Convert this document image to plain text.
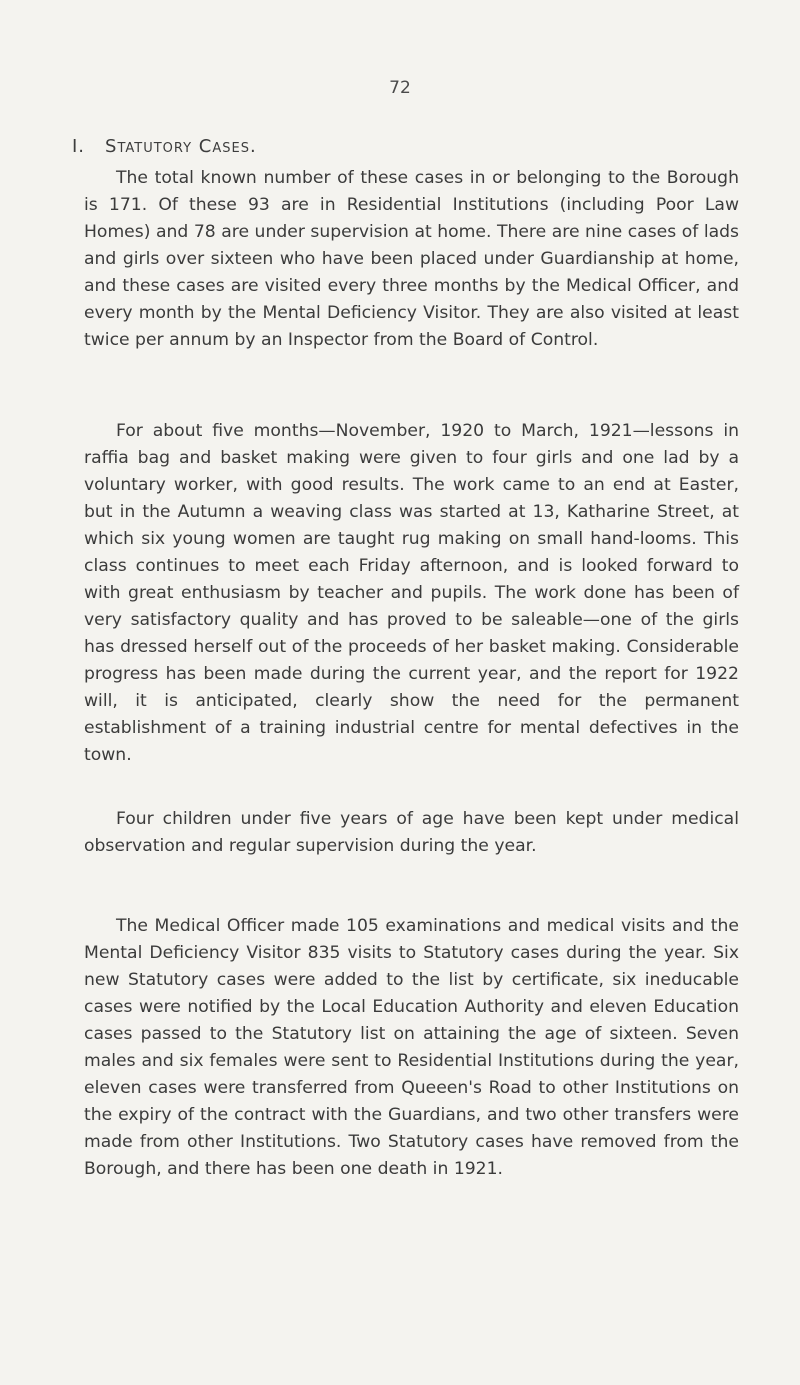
72
I. Statutory Cases.

The total known number of these cases in or belonging to the Borough is 171. Of these 93 are in Residential Institutions (including Poor Law Homes) and 78 are under supervision at home. There are nine cases of lads and girls over sixteen who have been placed under Guardianship at home, and these cases are visited every three months by the Medical Officer, and every month by the Mental Deficiency Visitor. They are also visited at least twice per annum by an Inspector from the Board of Control.

For about five months—November, 1920 to March, 1921—lessons in raffia bag and basket making were given to four girls and one lad by a voluntary worker, with good results. The work came to an end at Easter, but in the Autumn a weaving class was started at 13, Katharine Street, at which six young women are taught rug making on small hand-looms. This class continues to meet each Friday afternoon, and is looked forward to with great enthusiasm by teacher and pupils. The work done has been of very satisfactory quality and has proved to be saleable—one of the girls has dressed herself out of the proceeds of her basket making. Considerable progress has been made during the current year, and the report for 1922 will, it is anticipated, clearly show the need for the permanent establishment of a training industrial centre for mental defectives in the town.

Four children under five years of age have been kept under medical observation and regular supervision during the year.

The Medical Officer made 105 examinations and medical visits and the Mental Deficiency Visitor 835 visits to Statutory cases during the year. Six new Statutory cases were added to the list by certificate, six ineducable cases were notified by the Local Education Authority and eleven Education cases passed to the Statutory list on attaining the age of sixteen. Seven males and six females were sent to Residential Institutions during the year, eleven cases were transferred from Queeen's Road to other Institutions on the expiry of the contract with the Guardians, and two other transfers were made from other Institutions. Two Statutory cases have removed from the Borough, and there has been one death in 1921.
